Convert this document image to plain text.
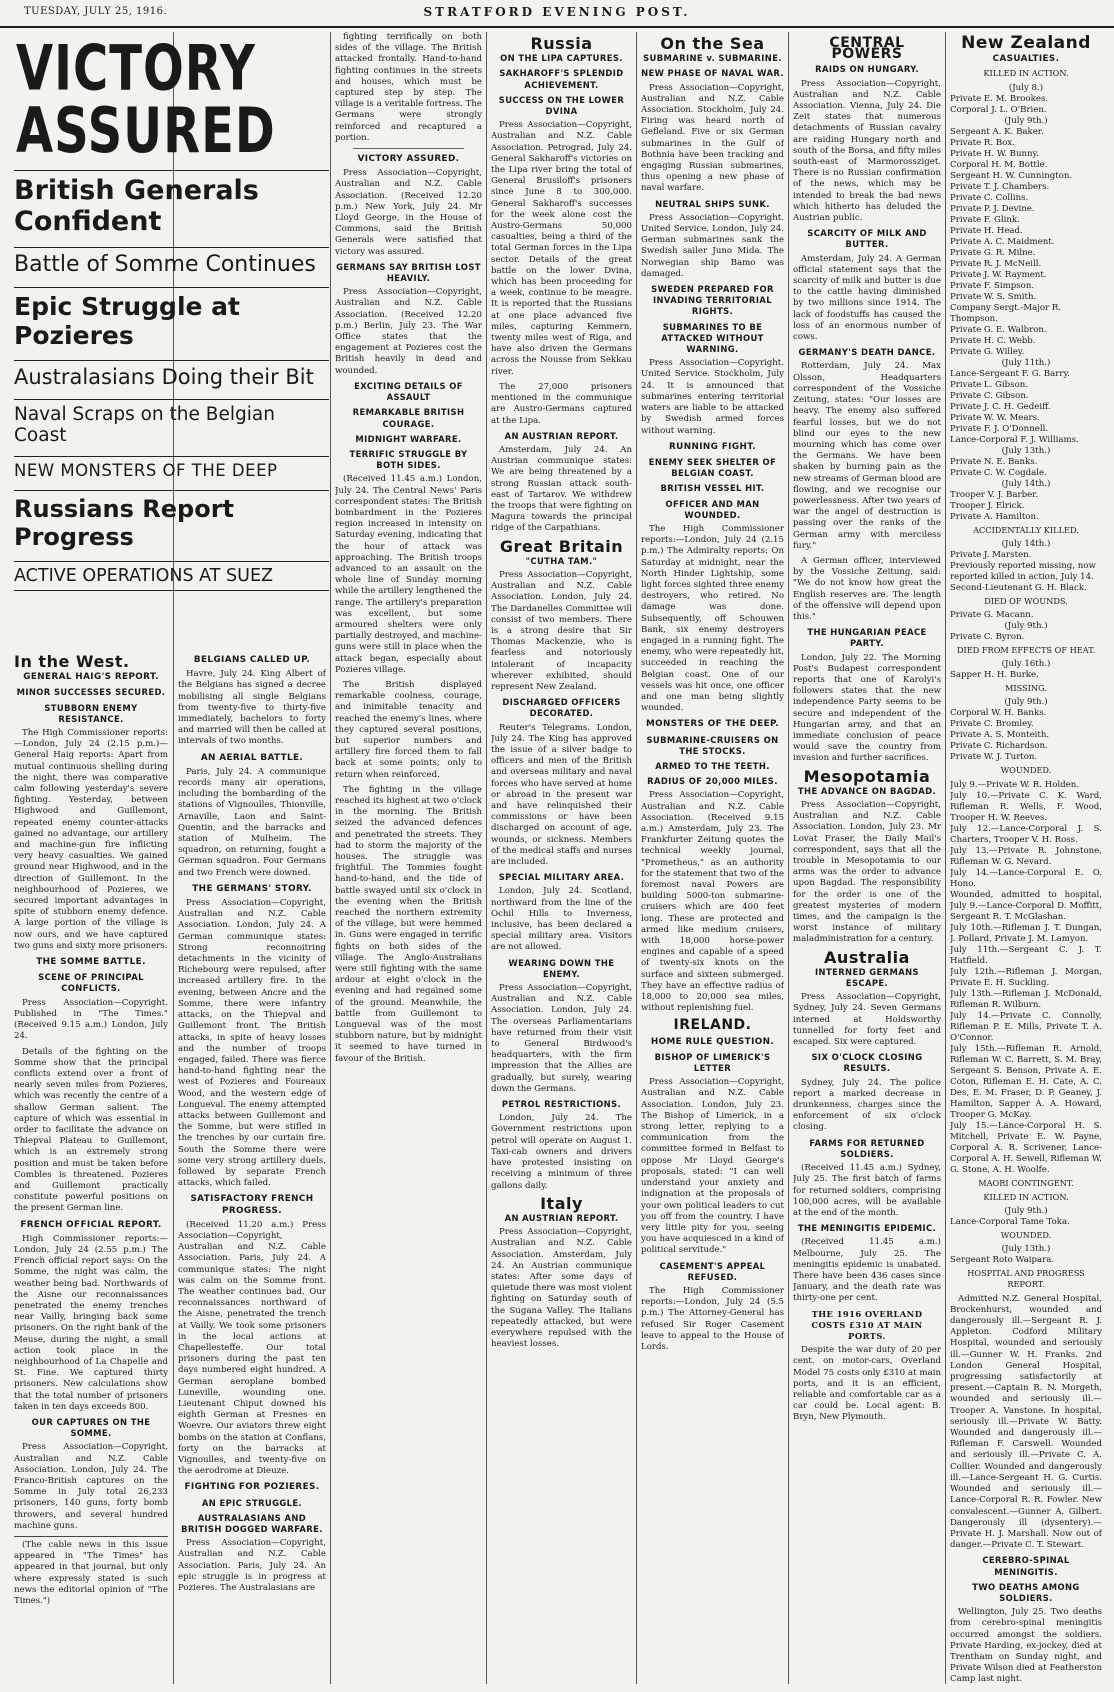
TUESDAY, JULY 25, 1916.	STRATFORD EVENING POST.
VICTORY ASSURED
British Generals Confident
Battle of Somme Continues
Epic Struggle at Pozieres
Australasians Doing their Bit
Naval Scraps on the Belgian Coast
NEW MONSTERS OF THE DEEP
Russians Report Progress
ACTIVE OPERATIONS AT SUEZ
In the West.
GENERAL HAIG'S REPORT.
MINOR SUCCESSES SECURED.
STUBBORN ENEMY RESISTANCE.

The High Commissioner reports:—London, July 24 (2.15 p.m.)—General Haig reports: Apart from mutual continuous shelling during the night, there was comparative calm following yesterday's severe fighting. Yesterday, between Highwood and Guillemont, repeated enemy counter-attacks gained no advantage, our artillery and machine-gun fire inflicting very heavy casualties. We gained ground near Highwood, and in the direction of Guillemont. In the neighbourhood of Pozieres, we secured important advantages in spite of stubborn enemy defence. A large portion of the village is now ours, and we have captured two guns and sixty more prisoners.

THE SOMME BATTLE.
SCENE OF PRINCIPAL CONFLICTS.

Press Association—Copyright. Published in "The Times." (Received 9.15 a.m.) London, July 24.

Details of the fighting on the Somme show that the principal conflicts extend over a front of nearly seven miles from Pozieres, which was recently the centre of a shallow German salient. The capture of which was essential in order to facilitate the advance on Thiepval Plateau to Guillemont, which is an extremely strong position and must be taken before Combles is threatened. Pozieres and Guillemont practically constitute powerful positions on the present German line.

FRENCH OFFICIAL REPORT.

High Commissioner reports:—London, July 24 (2.55 p.m.) The French official report says: On the Somme, the night was calm, the weather being bad. Northwards of the Aisne our reconnaissances penetrated the enemy trenches near Vailly, bringing back some prisoners. On the right bank of the Meuse, during the night, a small action took place in the neighbourhood of La Chapelle and St. Fine. We captured thirty prisoners. New calculations show that the total number of prisoners taken in ten days exceeds 800.

OUR CAPTURES ON THE SOMME.

Press Association—Copyright, Australian and N.Z. Cable Association. London, July 24. The Franco-British captures on the Somme in July total 26,233 prisoners, 140 guns, forty bomb throwers, and several hundred machine guns.

(The cable news in this issue appeared in "The Times" has appeared in that journal, but only where expressly stated is such news the editorial opinion of "The Times.")

BELGIANS CALLED UP.

Havre, July 24. King Albert of the Belgians has signed a decree mobilising all single Belgians from twenty-five to thirty-five immediately, bachelors to forty and married will then be called at intervals of two months.

AN AERIAL BATTLE.

Paris, July 24. A communique records many air operations, including the bombarding of the stations of Vignoulles, Thionville, Arnaville, Laon and Saint-Quentin, and the barracks and station of Mulheim. The squadron, on returning, fought a German squadron. Four Germans and two French were downed.

THE GERMANS' STORY.

Press Association—Copyright, Australian and N.Z. Cable Association. London, July 24. A German communique states: Strong reconnoitring detachments in the vicinity of Richebourg were repulsed, after increased artillery fire. In the evening, between Ancre and the Somme, there were infantry attacks, on the Thiepval and Guillemont front. The British attacks, in spite of heavy losses and the number of troops engaged, failed. There was fierce hand-to-hand fighting near the west of Pozieres and Foureaux Wood, and the western edge of Longueval. The enemy attempted attacks between Guillemont and the Somme, but were stifled in the trenches by our curtain fire. South the Somme there were some very strong artillery duels, followed by separate French attacks, which failed.

SATISFACTORY FRENCH PROGRESS.

(Received 11.20 a.m.) Press Association—Copyright, Australian and N.Z. Cable Association. Paris, July 24. A communique states: The night was calm on the Somme front. The weather continues bad. Our reconnaissances northward of the Aisne, penetrated the trench at Vailly. We took some prisoners in the local actions at Chapellesteffe. Our total prisoners during the past ten days numbered eight hundred. A German aeroplane bombed Luneville, wounding one. Lieutenant Chiput downed his eighth German at Fresnes en Woevre. Our aviators threw eight bombs on the station at Conflans, forty on the barracks at Vignoulles, and twenty-five on the aerodrome at Dieuze.

FIGHTING FOR POZIERES.
AN EPIC STRUGGLE.
AUSTRALASIANS AND BRITISH DOGGED WARFARE.

Press Association—Copyright, Australian and N.Z. Cable Association. Paris, July 24. An epic struggle is in progress at Pozieres. The Australasians are

fighting terrifically on both sides of the village. The British attacked frontally. Hand-to-hand fighting continues in the streets and houses, which must be captured step by step. The village is a veritable fortress. The Germans were strongly reinforced and recaptured a portion.

VICTORY ASSURED.

Press Association—Copyright, Australian and N.Z. Cable Association. (Received 12.20 p.m.) New York, July 24. Mr Lloyd George, in the House of Commons, said the British Generals were satisfied that victory was assured.

GERMANS SAY BRITISH LOST HEAVILY.

Press Association—Copyright, Australian and N.Z. Cable Association. (Received 12.20 p.m.) Berlin, July 23. The War Office states that the engagement at Pozieres cost the British heavily in dead and wounded.

EXCITING DETAILS OF ASSAULT
REMARKABLE BRITISH COURAGE.
MIDNIGHT WARFARE.
TERRIFIC STRUGGLE BY BOTH SIDES.

(Received 11.45 a.m.) London, July 24. The Central News' Paris correspondent states: The British bombardment in the Pozieres region increased in intensity on Saturday evening, indicating that the hour of attack was approaching. The British troops advanced to an assault on the whole line of Sunday morning while the artillery lengthened the range. The artillery's preparation was excellent, but some armoured shelters were only partially destroyed, and machine-guns were still in place when the attack began, especially about Pozieres village.

The British displayed remarkable coolness, courage, and inimitable tenacity and reached the enemy's lines, where they captured several positions, but superior numbers and artillery fire forced them to fall back at some points, only to return when reinforced.

The fighting in the village reached its highest at two o'clock in the morning. The British seized the advanced defences and penetrated the streets. They had to storm the majority of the houses. The struggle was frightful. The Tommies fought hand-to-hand, and the tide of battle swayed until six o'clock in the evening when the British reached the northern extremity of the village, but were hemmed in. Guns were engaged in terrific fights on both sides of the village. The Anglo-Australians were still fighting with the same ardour at eight o'clock in the evening and had regained some of the ground. Meanwhile, the battle from Guillemont to Longueval was of the most stubborn nature, but by midnight it seemed to have turned in favour of the British.

Russia
ON THE LIPA CAPTURES.
SAKHAROFF'S SPLENDID ACHIEVEMENT.
SUCCESS ON THE LOWER DVINA

Press Association—Copyright, Australian and N.Z. Cable Association. Petrograd, July 24. General Sakharoff's victories on the Lipa river bring the total of General Brusiloff's prisoners since June 8 to 300,000. General Sakharoff's successes for the week alone cost the Austro-Germans 50,000 casualties, being a third of the total German forces in the Lipa sector. Details of the great battle on the lower Dvina, which has been proceeding for a week, continue to be meagre. It is reported that the Russians at one place advanced five miles, capturing Kemmern, twenty miles west of Riga, and have also driven the Germans across the Nousse from Sekkau river.

The 27,000 prisoners mentioned in the communique are Austro-Germans captured at the Lipa.

AN AUSTRIAN REPORT.

Amsterdam, July 24. An Austrian communique states: We are being threatened by a strong Russian attack south-east of Tartarov. We withdrew the troops that were fighting on Magura towards the principal ridge of the Carpathians.

Great Britain
"CUTHA TAM."

Press Association—Copyright, Australian and N.Z. Cable Association. London, July 24. The Dardanelles Committee will consist of two members. There is a strong desire that Sir Thomas Mackenzie, who is fearless and notoriously intolerant of incapacity wherever exhibited, should represent New Zealand.

DISCHARGED OFFICERS DECORATED.

Reuter's Telegrams. London, July 24. The King has approved the issue of a silver badge to officers and men of the British and overseas military and naval forces who have served at home or abroad in the present war and have relinquished their commissions or have been discharged on account of age, wounds, or sickness. Members of the medical staffs and nurses are included.

SPECIAL MILITARY AREA.

London, July 24. Scotland, northward from the line of the Ochil Hills to Inverness, inclusive, has been declared a special military area. Visitors are not allowed.

WEARING DOWN THE ENEMY.

Press Association—Copyright, Australian and N.Z. Cable Association. London, July 24. The overseas Parliamentarians have returned from their visit to General Birdwood's headquarters, with the firm impression that the Allies are gradually, but surely, wearing down the Germans.

PETROL RESTRICTIONS.

London, July 24. The Government restrictions upon petrol will operate on August 1. Taxi-cab owners and drivers have protested insisting on receiving a minimum of three gallons daily.

Italy
AN AUSTRIAN REPORT.

Press Association—Copyright, Australian and N.Z. Cable Association. Amsterdam, July 24. An Austrian communique states: After some days of quietude there was most violent fighting on Saturday south of the Sugana Valley. The Italians repeatedly attacked, but were everywhere repulsed with the heaviest losses.

On the Sea
SUBMARINE v. SUBMARINE.
NEW PHASE OF NAVAL WAR.

Press Association—Copyright, Australian and N.Z. Cable Association. Stockholm, July 24. Firing was heard north of Gefleland. Five or six German submarines in the Gulf of Bothnia have been tracking and engaging Russian submarines, thus opening a new phase of naval warfare.

NEUTRAL SHIPS SUNK.

Press Association—Copyright. United Service. London, July 24. German submarines sank the Swedish sailer Juno Mida. The Norwegian ship Bamo was damaged.

SWEDEN PREPARED FOR INVADING TERRITORIAL RIGHTS.
SUBMARINES TO BE ATTACKED WITHOUT WARNING.

Press Association—Copyright. United Service. Stockholm, July 24. It is announced that submarines entering territorial waters are liable to be attacked by Swedish armed forces without warning.

RUNNING FIGHT.
ENEMY SEEK SHELTER OF BELGIAN COAST.
BRITISH VESSEL HIT.
OFFICER AND MAN WOUNDED.

The High Commissioner reports:—London, July 24 (2.15 p.m.) The Admiralty reports: On Saturday at midnight, near the North Hinder Lightship, some light forces sighted three enemy destroyers, who retired. No damage was done. Subsequently, off Schouwen Bank, six enemy destroyers engaged in a running fight. The enemy, who were repeatedly hit, succeeded in reaching the Belgian coast. One of our vessels was hit once, one officer and one man being slightly wounded.

MONSTERS OF THE DEEP.
SUBMARINE-CRUISERS ON THE STOCKS.
ARMED TO THE TEETH.
RADIUS OF 20,000 MILES.

Press Association—Copyright, Australian and N.Z. Cable Association. (Received 9.15 a.m.) Amsterdam, July 23. The Frankfurter Zeitung quotes the technical weekly journal, "Prometheus," as an authority for the statement that two of the foremost naval Powers are building 5000-ton submarine-cruisers which are 400 feet long. These are protected and armed like medium cruisers, with 18,000 horse-power engines and capable of a speed of twenty-six knots on the surface and sixteen submerged. They have an effective radius of 18,000 to 20,000 sea miles, without replenishing fuel.

IRELAND.
HOME RULE QUESTION.
BISHOP OF LIMERICK'S LETTER

Press Association—Copyright, Australian and N.Z. Cable Association. London, July 23. The Bishop of Limerick, in a strong letter, replying to a communication from the committee formed in Belfast to oppose Mr Lloyd George's proposals, stated: "I can well understand your anxiety and indignation at the proposals of your own political leaders to cut you off from the country. I have very little pity for you, seeing you have acquiesced in a kind of political servitude."

CASEMENT'S APPEAL REFUSED.

The High Commissioner reports:—London, July 24 (5.5 p.m.) The Attorney-General has refused Sir Roger Casement leave to appeal to the House of Lords.

CENTRAL POWERS
RAIDS ON HUNGARY.

Press Association—Copyright, Australian and N.Z. Cable Association. Vienna, July 24. Die Zeit states that numerous detachments of Russian cavalry are raiding Hungary north and south of the Borsa, and fifty miles south-east of Marmorossziget. There is no Russian confirmation of the news, which may be intended to break the bad news which hitherto has deluded the Austrian public.

SCARCITY OF MILK AND BUTTER.

Amsterdam, July 24. A German official statement says that the scarcity of milk and butter is due to the cattle having diminished by two millions since 1914. The lack of foodstuffs has caused the loss of an enormous number of cows.

GERMANY'S DEATH DANCE.

Rotterdam, July 24. Max Olsson, Headquarters correspondent of the Vossiche Zeitung, states: "Our losses are heavy. The enemy also suffered fearful losses, but we do not blind our eyes to the new mourning which has come over the Germans. We have been shaken by burning pain as the new streams of German blood are flowing, and we recognise our powerlessness. After two years of war the angel of destruction is passing over the ranks of the German army with merciless fury."

A German officer, interviewed by the Vossiche Zeitung, said: "We do not know how great the English reserves are. The length of the offensive will depend upon this."

THE HUNGARIAN PEACE PARTY.

London, July 22. The Morning Post's Budapest correspondent reports that one of Karolyi's followers states that the new independence Party seems to be secure and independent of the Hungarian army, and that an immediate conclusion of peace would save the country from invasion and further sacrifices.

Mesopotamia
THE ADVANCE ON BAGDAD.

Press Association—Copyright, Australian and N.Z. Cable Association. London, July 23. Mr Lovat Fraser, the Daily Mail's correspondent, says that all the trouble in Mesopotamia to our arms was the order to advance upon Bagdad. The responsibility for the order is one of the greatest mysteries of modern times, and the campaign is the worst instance of military maladministration for a century.

Australia
INTERNED GERMANS ESCAPE.

Press Association—Copyright, Sydney, July 24. Seven Germans interned at Holdsworthy tunnelled for forty feet and escaped. Six were captured.

SIX O'CLOCK CLOSING RESULTS.

Sydney, July 24. The police report a marked decrease in drunkenness, charges since the enforcement of six o'clock closing.

FARMS FOR RETURNED SOLDIERS.

(Received 11.45 a.m.) Sydney, July 25. The first batch of farms for returned soldiers, comprising 100,000 acres, will be available at the end of the month.

THE MENINGITIS EPIDEMIC.

(Received 11.45 a.m.) Melbourne, July 25. The meningitis epidemic is unabated. There have been 436 cases since January, and the death rate was thirty-one per cent.

THE 1916 OVERLAND COSTS £310 AT MAIN PORTS.

Despite the war duty of 20 per cent. on motor-cars, Overland Model 75 costs only £310 at main ports, and it is an efficient, reliable and comfortable car as a car could be. Local agent: B. Bryn, New Plymouth.

New Zealand
CASUALTIES.
KILLED IN ACTION.
(July 8.)
Private E. M. Brookes.
Corporal J. L. O'Brien.
(July 9th.)
Sergeant A. K. Baker.
Private R. Box.
Private H. W. Bunny.
Corporal H. M. Bottle.
Sergeant H. W. Cunnington.
Private T. J. Chambers.
Private C. Collins.
Private P. J. Devine.
Private F. Glink.
Private H. Head.
Private A. C. Maidment.
Private G. R. Milne.
Private R. J. McNeill.
Private J. W. Rayment.
Private F. Simpson.
Private W. S. Smith.
Company Sergt.-Major R. Thompson.
Private G. E. Walbron.
Private H. C. Webb.
Private G. Willey.
(July 11th.)
Lance-Sergeant F. G. Barry.
Private L. Gibson.
Private C. Gibson.
Private J. C. H. Gedeiff.
Private W. W. Mears.
Private F. J. O'Donnell.
Lance-Corporal F. J. Williams.
(July 13th.)
Private N. E. Banks.
Private C. W. Cogdale.
(July 14th.)
Trooper V. J. Barber.
Trooper J. Elrick.
Private A. Hamilton.
ACCIDENTALLY KILLED.
(July 14th.)
Private J. Marsten.
Previously reported missing, now reported killed in action, July 14.
Second-Lieutenant G. H. Black.
DIED OF WOUNDS.
Private G. Macann.
(July 9th.)
Private C. Byron.
DIED FROM EFFECTS OF HEAT.
(July 16th.)
Sapper H. H. Burke.
MISSING.
(July 9th.)
Corporal W. H. Banks.
Private C. Bromley.
Private A. S. Monteith.
Private C. Richardson.
Private W. J. Turton.
WOUNDED.
July 9.—Private W. R. Holden.
July 10.—Private C. K. Ward, Rifleman R. Wells, F. Wood, Trooper H. W. Reeves.
July 12.—Lance-Corporal J. S. Charters, Trooper V. H. Ross.
July 13.—Private R. Johnstone, Rifleman W. G. Nevard.
July 14.—Lance-Corporal E. O. Hono.
Wounded, admitted to hospital, July 9.—Lance-Corporal D. Moffitt, Sergeant R. T. McGlashan.
July 10th.—Rifleman J. T. Dungan, J. Pollard, Private J. M. Lamyon.
July 11th.—Sergeant C. J. T. Hatfield.
July 12th.—Rifleman J. Morgan, Private E. H. Suckling.
July 13th.—Rifleman J. McDonald, Rifleman R. Wilburn.
July 14.—Private C. Connolly, Rifleman P. E. Mills, Private T. A. O'Connor.
July 15th.—Rifleman R. Arnold, Rifleman W. C. Barrett, S. M. Bray, Sergeant S. Benson, Private A. E. Coton, Rifleman E. H. Cate, A. C. Des, E. M. Fraser, D. P. Geaney, J. Hamilton, Sapper A. A. Howard, Trooper G. McKay.
July 15.—Lance-Corporal H. S. Mitchell, Private E. W. Payne, Corporal A. R. Scrivener, Lance-Corporal A. H. Sewell, Rifleman W. G. Stone, A. H. Woolfe.
MAORI CONTINGENT.
KILLED IN ACTION.
(July 9th.)
Lance-Corporal Tame Toka.
WOUNDED.
(July 13th.)
Sergeant Roto Waipara.
HOSPITAL AND PROGRESS REPORT.

Admitted N.Z. General Hospital, Brockenhurst, wounded and dangerously ill.—Sergeant R. J. Appleton. Codford Military Hospital, wounded and seriously ill.—Gunner W. H. Franks. 2nd London General Hospital, progressing satisfactorily at present.—Captain R. N. Morgeth, wounded and seriously ill.—Trooper A. Vanstone. In hospital, seriously ill.—Private W. Batty. Wounded and dangerously ill.—Rifleman F. Carswell. Wounded and seriously ill.—Private C. A. Collier. Wounded and dangerously ill.—Lance-Sergeant H. G. Curtis. Wounded and seriously ill.—Lance-Corporal R. R. Fowler. New convalescent.—Gunner A. Gilbert. Dangerously ill (dysentery).—Private H. J. Marshall. Now out of danger.—Private C. T. Stewart.

CEREBRO-SPINAL MENINGITIS.
TWO DEATHS AMONG SOLDIERS.

Wellington, July 25. Two deaths from cerebro-spinal meningitis occurred amongst the soldiers. Private Harding, ex-jockey, died at Trentham on Sunday night, and Private Wilson died at Featherston Camp last night.
